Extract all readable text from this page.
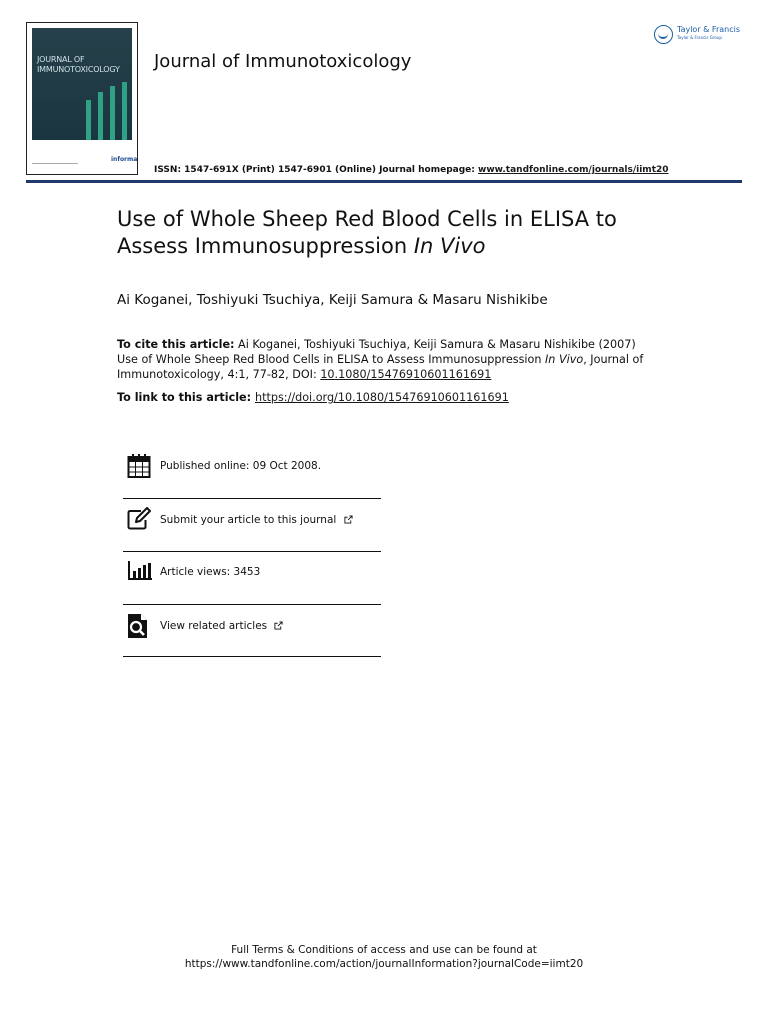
JOURNAL OF IMMUNOTOXICOLOGY
informa
Journal of Immunotoxicology
Taylor & Francis
Taylor & Francis Group
ISSN: 1547-691X (Print) 1547-6901 (Online) Journal homepage: www.tandfonline.com/journals/iimt20
Use of Whole Sheep Red Blood Cells in ELISA to Assess Immunosuppression In Vivo
Ai Koganei, Toshiyuki Tsuchiya, Keiji Samura & Masaru Nishikibe
To cite this article: Ai Koganei, Toshiyuki Tsuchiya, Keiji Samura & Masaru Nishikibe (2007) Use of Whole Sheep Red Blood Cells in ELISA to Assess Immunosuppression In Vivo, Journal of Immunotoxicology, 4:1, 77-82, DOI: 10.1080/15476910601161691
To link to this article: https://doi.org/10.1080/15476910601161691
Published online: 09 Oct 2008.
Submit your article to this journal
Article views: 3453
View related articles
Full Terms & Conditions of access and use can be found at
https://www.tandfonline.com/action/journalInformation?journalCode=iimt20
